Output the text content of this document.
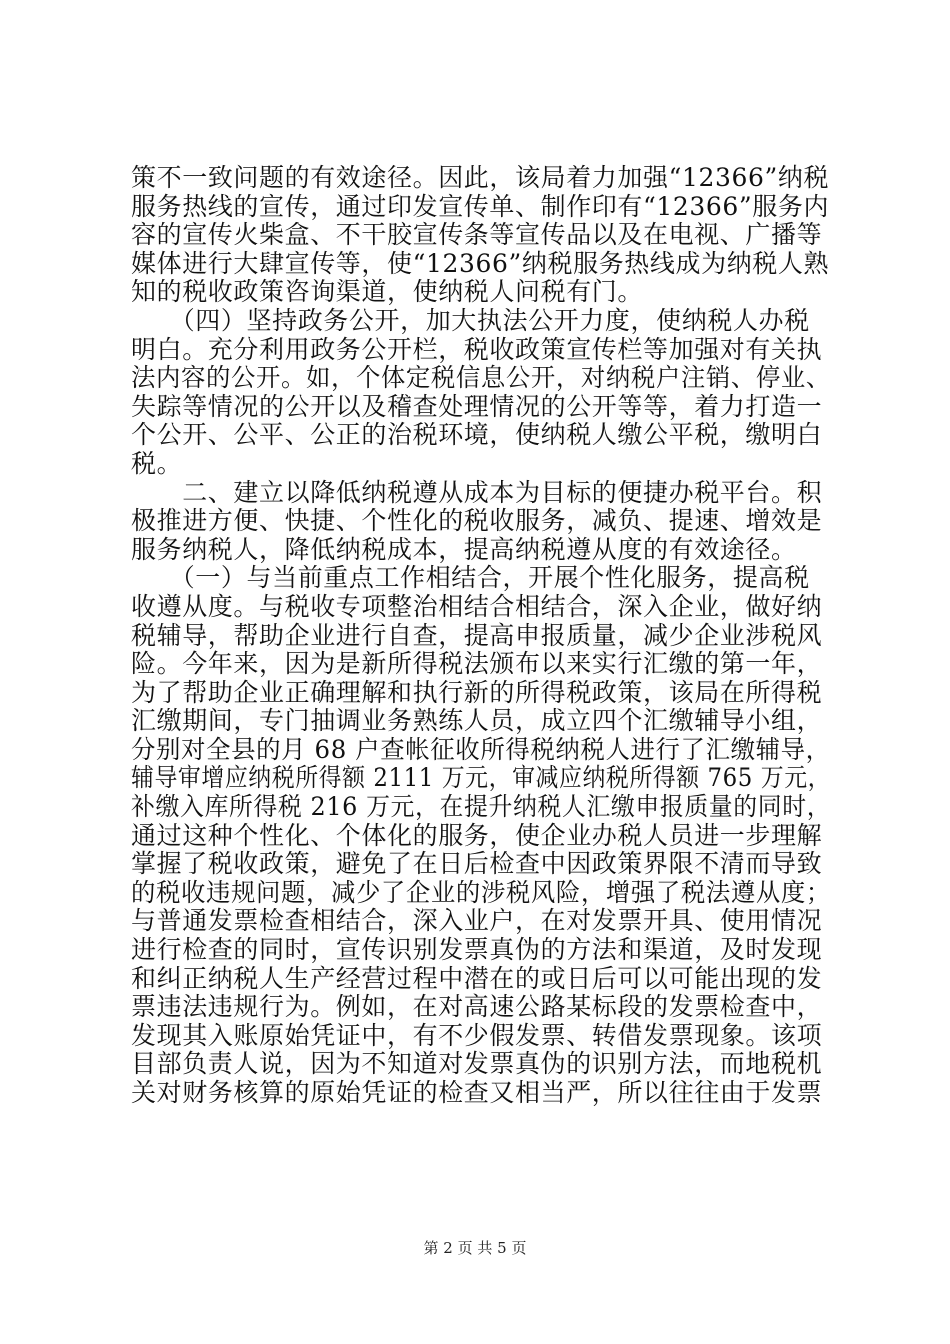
策不一致问题的有效途径。因此，该局着力加强“12366”纳税
服务热线的宣传，通过印发宣传单、制作印有“12366”服务内
容的宣传火柴盒、不干胶宣传条等宣传品以及在电视、广播等
媒体进行大肆宣传等，使“12366”纳税服务热线成为纳税人熟
知的税收政策咨询渠道，使纳税人问税有门。
　　（四）坚持政务公开，加大执法公开力度，使纳税人办税
明白。充分利用政务公开栏，税收政策宣传栏等加强对有关执
法内容的公开。如，个体定税信息公开，对纳税户注销、停业、
失踪等情况的公开以及稽查处理情况的公开等等，着力打造一
个公开、公平、公正的治税环境，使纳税人缴公平税，缴明白
税。
　　二、建立以降低纳税遵从成本为目标的便捷办税平台。积
极推进方便、快捷、个性化的税收服务，减负、提速、增效是
服务纳税人，降低纳税成本，提高纳税遵从度的有效途径。
　　（一）与当前重点工作相结合，开展个性化服务，提高税
收遵从度。与税收专项整治相结合相结合，深入企业，做好纳
税辅导，帮助企业进行自查，提高申报质量，减少企业涉税风
险。今年来，因为是新所得税法颁布以来实行汇缴的第一年，
为了帮助企业正确理解和执行新的所得税政策，该局在所得税
汇缴期间，专门抽调业务熟练人员，成立四个汇缴辅导小组，
分别对全县的月 68 户查帐征收所得税纳税人进行了汇缴辅导，
辅导审增应纳税所得额 2111 万元，审减应纳税所得额 765 万元，
补缴入库所得税 216 万元，在提升纳税人汇缴申报质量的同时，
通过这种个性化、个体化的服务，使企业办税人员进一步理解
掌握了税收政策，避免了在日后检查中因政策界限不清而导致
的税收违规问题，减少了企业的涉税风险，增强了税法遵从度；
与普通发票检查相结合，深入业户，在对发票开具、使用情况
进行检查的同时，宣传识别发票真伪的方法和渠道，及时发现
和纠正纳税人生产经营过程中潜在的或日后可以可能出现的发
票违法违规行为。例如，在对高速公路某标段的发票检查中，
发现其入账原始凭证中，有不少假发票、转借发票现象。该项
目部负责人说，因为不知道对发票真伪的识别方法，而地税机
关对财务核算的原始凭证的检查又相当严，所以往往由于发票
第 2 页 共 5 页
